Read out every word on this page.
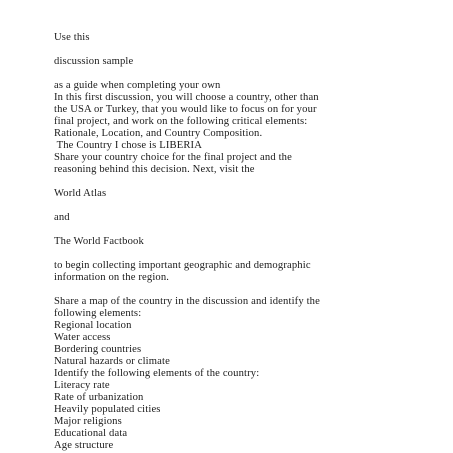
Use this
discussion sample
as a guide when completing your own
In this first discussion, you will choose a country, other than
the USA or Turkey, that you would like to focus on for your
final project, and work on the following critical elements:
Rationale, Location, and Country Composition.
The Country I chose is LIBERIA
Share your country choice for the final project and the
reasoning behind this decision. Next, visit the
World Atlas
and
The World Factbook
to begin collecting important geographic and demographic
information on the region.
Share a map of the country in the discussion and identify the
following elements:
Regional location
Water access
Bordering countries
Natural hazards or climate
Identify the following elements of the country:
Literacy rate
Rate of urbanization
Heavily populated cities
Major religions
Educational data
Age structure
